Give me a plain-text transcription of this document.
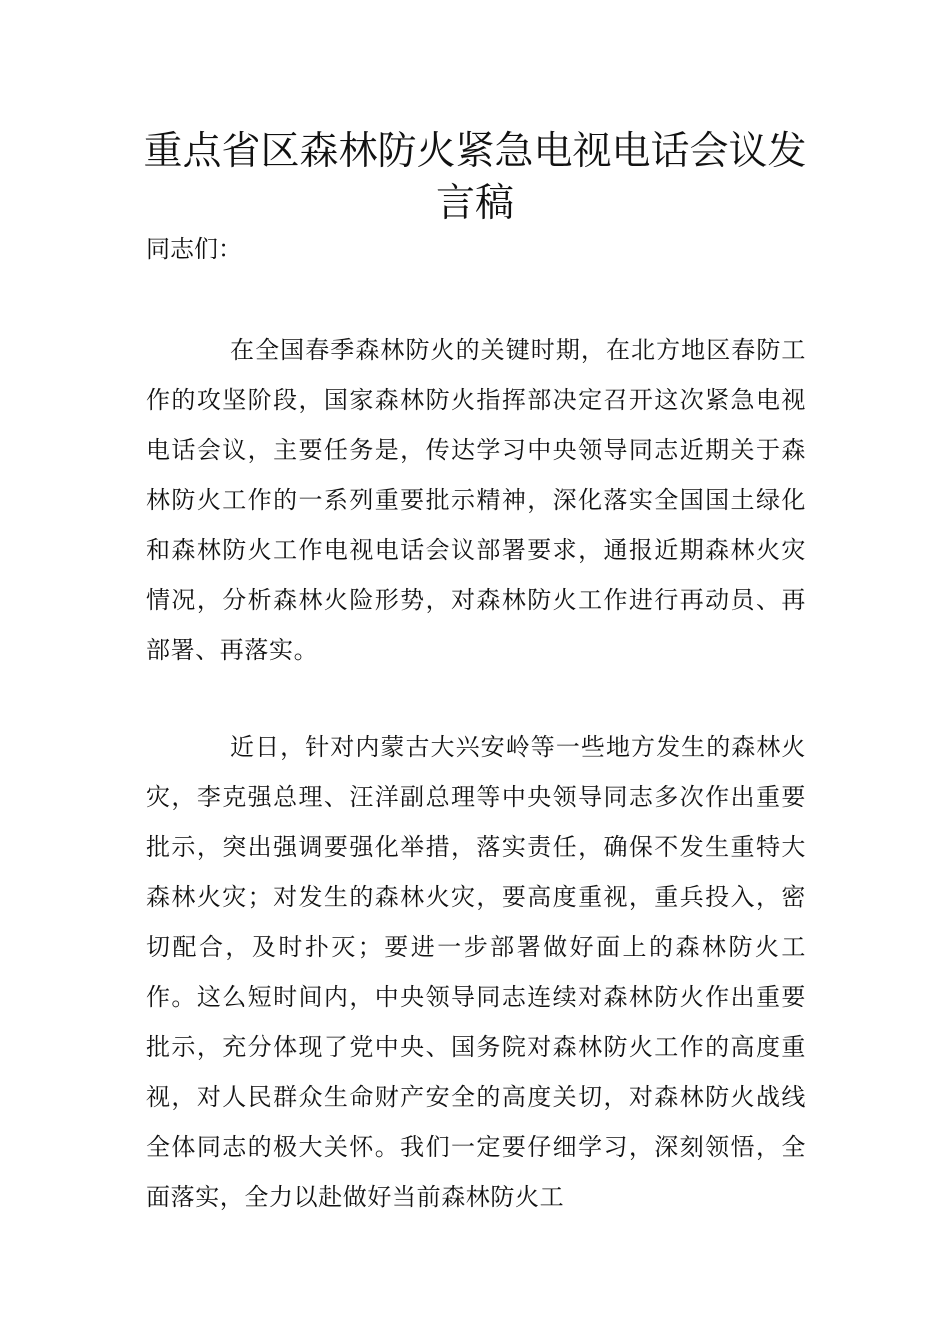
重点省区森林防火紧急电视电话会议发言稿

同志们：

在全国春季森林防火的关键时期，在北方地区春防工作的攻坚阶段，国家森林防火指挥部决定召开这次紧急电视电话会议，主要任务是，传达学习中央领导同志近期关于森林防火工作的一系列重要批示精神，深化落实全国国土绿化和森林防火工作电视电话会议部署要求，通报近期森林火灾情况，分析森林火险形势，对森林防火工作进行再动员、再部署、再落实。

近日，针对内蒙古大兴安岭等一些地方发生的森林火灾，李克强总理、汪洋副总理等中央领导同志多次作出重要批示，突出强调要强化举措，落实责任，确保不发生重特大森林火灾；对发生的森林火灾，要高度重视，重兵投入，密切配合，及时扑灭；要进一步部署做好面上的森林防火工作。这么短时间内，中央领导同志连续对森林防火作出重要批示，充分体现了党中央、国务院对森林防火工作的高度重视，对人民群众生命财产安全的高度关切，对森林防火战线全体同志的极大关怀。我们一定要仔细学习，深刻领悟，全面落实，全力以赴做好当前森林防火工
